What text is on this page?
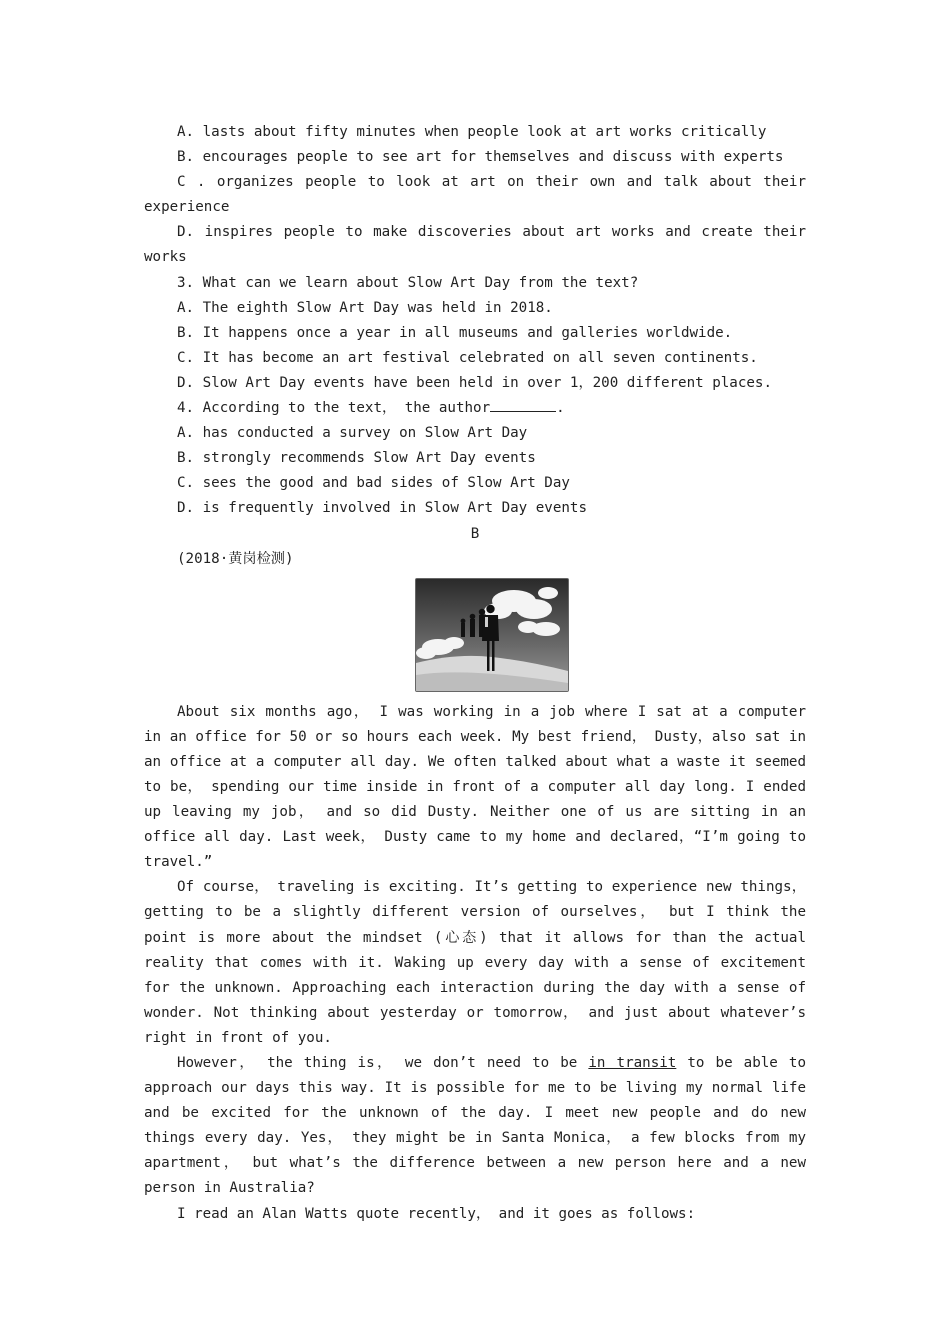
A. lasts about fifty minutes when people look at art works critically
B. encourages people to see art for themselves and discuss with experts
C . organizes people to look at art on their own and talk about their
experience
D. inspires people to make discoveries about art works and create their
works
3. What can we learn about Slow Art Day from the text?
A. The eighth Slow Art Day was held in 2018.
B. It happens once a year in all museums and galleries worldwide.
C. It has become an art festival celebrated on all seven continents.
D. Slow Art Day events have been held in over 1，200 different places.
4. According to the text， the author	.
A. has conducted a survey on Slow Art Day
B. strongly recommends Slow Art Day events
C. sees the good and bad sides of Slow Art Day
D. is frequently involved in Slow Art Day events
B
(2018·黄岗检测)
About six months ago， I was working in a job where I sat at a computer in an office for 50 or so hours each week. My best friend， Dusty，also sat in an office at a computer all day. We often talked about what a waste it seemed to be， spending our time inside in front of a computer all day long. I ended up leaving my job， and so did Dusty. Neither one of us are sitting in an office all day. Last week， Dusty came to my home and declared，“I’m going to travel.”
Of course， traveling is exciting. It’s getting to experience new things，getting to be a slightly different version of ourselves， but I think the point is more about the mindset (心态) that it allows for than the actual reality that comes with it. Waking up every day with a sense of excitement for the unknown. Approaching each interaction during the day with a sense of wonder. Not thinking about yesterday or tomorrow， and just about whatever’s right in front of you.
However， the thing is， we don’t need to be in transit to be able to approach our days this way. It is possible for me to be living my normal life and be excited for the unknown of the day. I meet new people and do new things every day. Yes， they might be in Santa Monica， a few blocks from my apartment， but what’s the difference between a new person here and a new person in Australia?
I read an Alan Watts quote recently， and it goes as follows:
